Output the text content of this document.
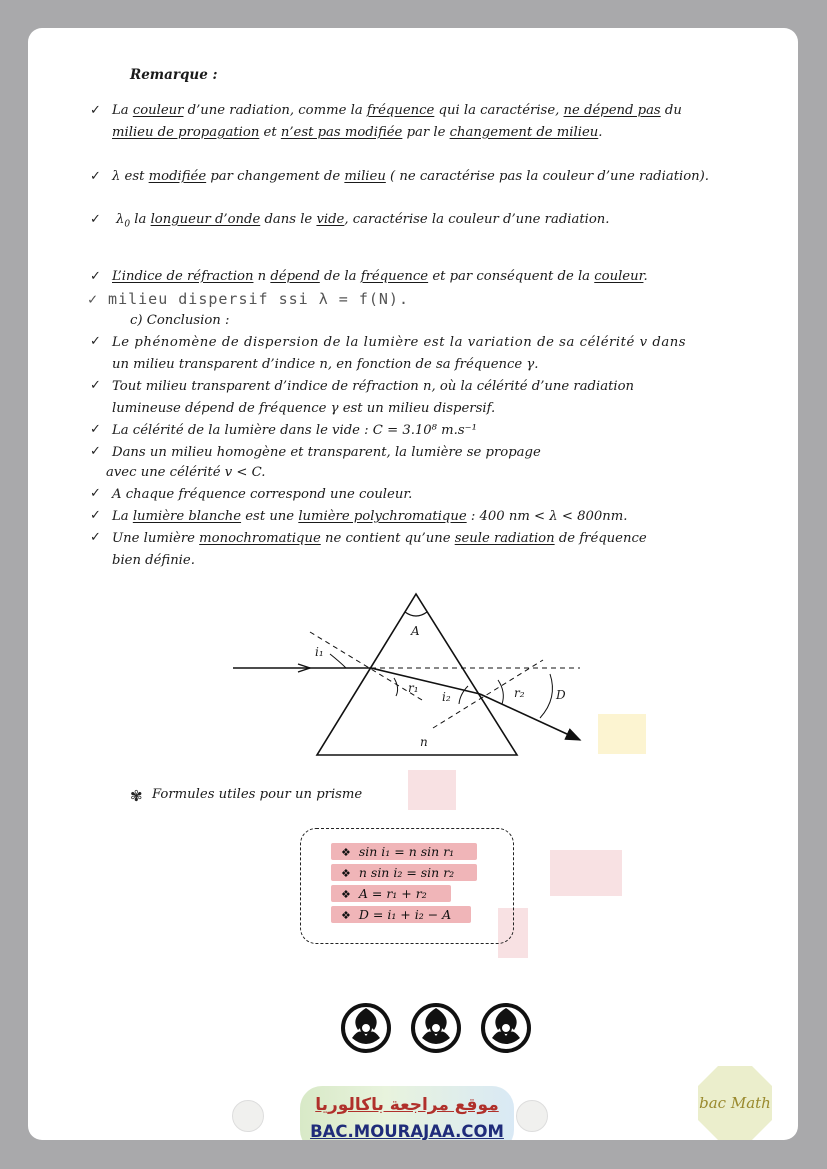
Remarque :
✓ La couleur d’une radiation, comme la fréquence qui la caractérise, ne dépend pas du
milieu de propagation et n’est pas modifiée par le changement de milieu.
✓ λ est modifiée par changement de milieu ( ne caractérise pas la couleur d’une radiation).
✓ $\lambda_0$ la longueur d’onde dans le vide, caractérise la couleur d’une radiation.
✓ L’indice de réfraction n dépend de la fréquence et par conséquent de la couleur.
✓ milieu dispersif ssi λ = f(N).
c) Conclusion :
✓ Le phénomène de dispersion de la lumière est la variation de sa célérité v dans
un milieu transparent d’indice n, en fonction de sa fréquence γ.
✓ Tout milieu transparent d’indice de réfraction n, où la célérité d’une radiation
lumineuse dépend de fréquence γ est un milieu dispersif.
✓ La célérité de la lumière dans le vide : C = 3.10⁸ m.s⁻¹
✓ Dans un milieu homogène et transparent, la lumière se propage
avec une célérité v < C.
✓ A chaque fréquence correspond une couleur.
✓ La lumière blanche est une lumière polychromatique : 400 nm < λ < 800nm.
✓ Une lumière monochromatique ne contient qu’une seule radiation de fréquence
bien définie.
A
i₁
r₁
i₂	r₂	D
n
✾ Formules utiles pour un prisme
❖ sin i₁ = n sin r₁
❖ n sin i₂ = sin r₂
❖ A = r₁ + r₂
❖ D = i₁ + i₂ − A
موقع مراجعة باكالوريا
BAC.MOURAJAA.COM
bac Math
